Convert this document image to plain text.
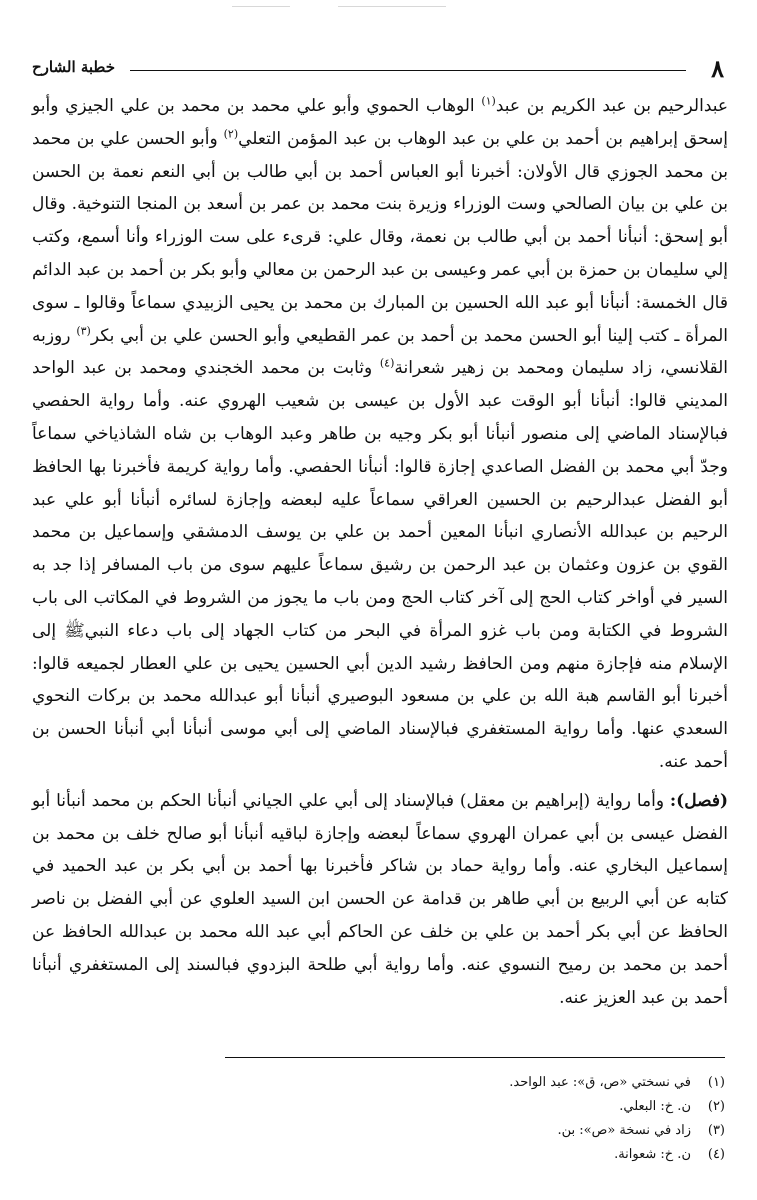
٨
خطبة الشارح

عبدالرحيم بن عبد الكريم بن عبد$^{(١)}$ الوهاب الحموي وأبو علي محمد بن محمد بن علي الجيزي وأبو إسحق إبراهيم بن أحمد بن علي بن عبد الوهاب بن عبد المؤمن التعلي$^{(٢)}$ وأبو الحسن علي بن محمد بن محمد الجوزي قال الأولان: أخبرنا أبو العباس أحمد بن أبي طالب بن أبي النعم نعمة بن الحسن بن علي بن بيان الصالحي وست الوزراء وزيرة بنت محمد بن عمر بن أسعد بن المنجا التنوخية. وقال أبو إسحق: أنبأنا أحمد بن أبي طالب بن نعمة، وقال علي: قرىء على ست الوزراء وأنا أسمع، وكتب إلي سليمان بن حمزة بن أبي عمر وعيسى بن عبد الرحمن بن معالي وأبو بكر بن أحمد بن عبد الدائم قال الخمسة: أنبأنا أبو عبد الله الحسين بن المبارك بن محمد بن يحيى الزبيدي سماعاً وقالوا ـ سوى المرأة ـ كتب إلينا أبو الحسن محمد بن أحمد بن عمر القطيعي وأبو الحسن علي بن أبي بكر$^{(٣)}$ روزبه القلانسي، زاد سليمان ومحمد بن زهير شعرانة$^{(٤)}$ وثابت بن محمد الخجندي ومحمد بن عبد الواحد المديني قالوا: أنبأنا أبو الوقت عبد الأول بن عيسى بن شعيب الهروي عنه. وأما رواية الحفصي فبالإسناد الماضي إلى منصور أنبأنا أبو بكر وجيه بن طاهر وعبد الوهاب بن شاه الشاذياخي سماعاً وجدّ أبي محمد بن الفضل الصاعدي إجازة قالوا: أنبأنا الحفصي. وأما رواية كريمة فأخبرنا بها الحافظ أبو الفضل عبدالرحيم بن الحسين العراقي سماعاً عليه لبعضه وإجازة لسائره أنبأنا أبو علي عبد الرحيم بن عبدالله الأنصاري انبأنا المعين أحمد بن علي بن يوسف الدمشقي وإسماعيل بن محمد القوي بن عزون وعثمان بن عبد الرحمن بن رشيق سماعاً عليهم سوى من باب المسافر إذا جد به السير في أواخر كتاب الحج إلى آخر كتاب الحج ومن باب ما يجوز من الشروط في المكاتب الى باب الشروط في الكتابة ومن باب غزو المرأة في البحر من كتاب الجهاد إلى باب دعاء النبيﷺ إلى الإسلام منه فإجازة منهم ومن الحافظ رشيد الدين أبي الحسين يحيى بن علي العطار لجميعه قالوا: أخبرنا أبو القاسم هبة الله بن علي بن مسعود البوصيري أنبأنا أبو عبدالله محمد بن بركات النحوي السعدي عنها. وأما رواية المستغفري فبالإسناد الماضي إلى أبي موسى أنبأنا أبي أنبأنا الحسن بن أحمد عنه.

(فصل): وأما رواية (إبراهيم بن معقل) فبالإسناد إلى أبي علي الجياني أنبأنا الحكم بن محمد أنبأنا أبو الفضل عيسى بن أبي عمران الهروي سماعاً لبعضه وإجازة لباقيه أنبأنا أبو صالح خلف بن محمد بن إسماعيل البخاري عنه. وأما رواية حماد بن شاكر فأخبرنا بها أحمد بن أبي بكر بن عبد الحميد في كتابه عن أبي الربيع بن أبي طاهر بن قدامة عن الحسن ابن السيد العلوي عن أبي الفضل بن ناصر الحافظ عن أبي بكر أحمد بن علي بن خلف عن الحاكم أبي عبد الله محمد بن عبدالله الحافظ عن أحمد بن محمد بن رميح النسوي عنه. وأما رواية أبي طلحة البزدوي فبالسند إلى المستغفري أنبأنا أحمد بن عبد العزيز عنه.

(١)
في نسختي «ص، ق»: عبد الواحد.
(٢)
ن. خ: البعلي.
(٣)
زاد في نسخة «ص»: بن.
(٤)
ن. خ: شعوانة.
